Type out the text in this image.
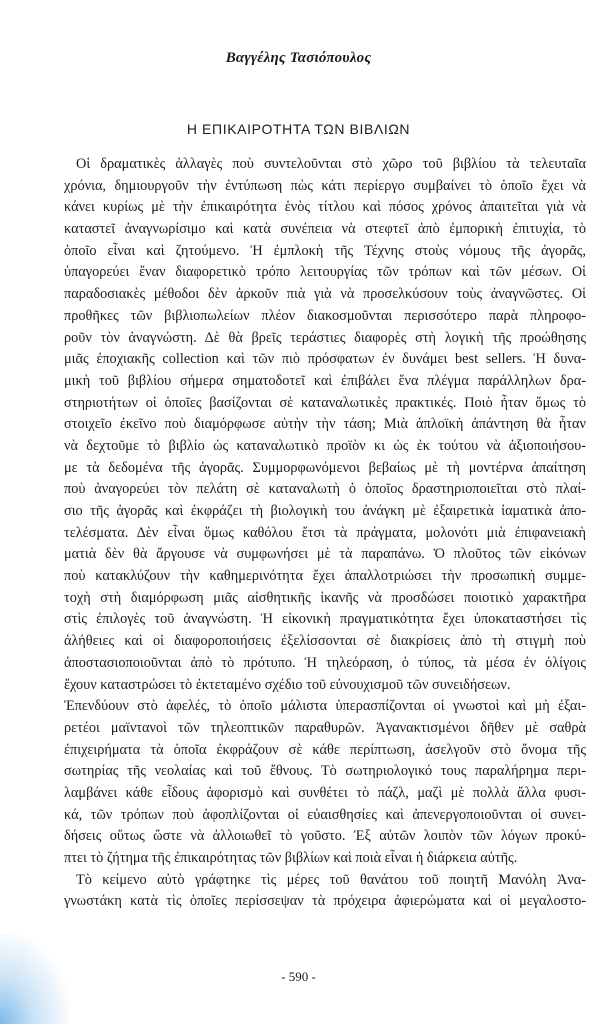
Βαγγέλης Τασιόπουλος
Η ΕΠΙΚΑΙΡΟΤΗΤΑ ΤΩΝ ΒΙΒΛΙΩΝ
Οἱ δραματικὲς ἀλλαγὲς ποὺ συντελοῦνται στὸ χῶρο τοῦ βιβλίου τὰ τελευταῖα
χρόνια, δημιουργοῦν τὴν ἐντύπωση πὼς κάτι περίεργο συμβαίνει τὸ ὁποῖο ἔχει νὰ
κάνει κυρίως μὲ τὴν ἐπικαιρότητα ἑνὸς τίτλου καὶ πόσος χρόνος ἀπαιτεῖται γιὰ νὰ
καταστεῖ ἀναγνωρίσιμο καὶ κατὰ συνέπεια νὰ στεφτεῖ ἀπὸ ἐμπορικὴ ἐπιτυχία, τὸ
ὁποῖο εἶναι καὶ ζητούμενο. Ἡ ἐμπλοκὴ τῆς Τέχνης στοὺς νόμους τῆς ἀγορᾶς,
ὑπαγορεύει ἕναν διαφορετικὸ τρόπο λειτουργίας τῶν τρόπων καὶ τῶν μέσων. Οἱ
παραδοσιακὲς μέθοδοι δὲν ἀρκοῦν πιὰ γιὰ νὰ προσελκύσουν τοὺς ἀναγνῶστες. Οἱ
προθῆκες τῶν βιβλιοπωλείων πλέον διακοσμοῦνται περισσότερο παρὰ πληροφο-
ροῦν τὸν ἀναγνώστη. Δὲ θὰ βρεῖς τεράστιες διαφορὲς στὴ λογικὴ τῆς προώθησης
μιᾶς ἐποχιακῆς collection καὶ τῶν πιὸ πρόσφατων ἐν δυνάμει best sellers. Ἡ δυνα-
μικὴ τοῦ βιβλίου σήμερα σηματοδοτεῖ καὶ ἐπιβάλει ἕνα πλέγμα παράλληλων δρα-
στηριοτήτων οἱ ὁποῖες βασίζονται σὲ καταναλωτικὲς πρακτικές. Ποιὸ ἦταν ὅμως τὸ
στοιχεῖο ἐκεῖνο ποὺ διαμόρφωσε αὐτὴν τὴν τάση; Μιὰ ἁπλοϊκὴ ἀπάντηση θὰ ἦταν
νὰ δεχτοῦμε τὸ βιβλίο ὡς καταναλωτικὸ προϊὸν κι ὡς ἐκ τούτου νὰ ἀξιοποιήσου-
με τὰ δεδομένα τῆς ἀγορᾶς. Συμμορφωνόμενοι βεβαίως μὲ τὴ μοντέρνα ἀπαίτηση
ποὺ ἀναγορεύει τὸν πελάτη σὲ καταναλωτὴ ὁ ὁποῖος δραστηριοποιεῖται στὸ πλαί-
σιο τῆς ἀγορᾶς καὶ ἐκφράζει τὴ βιολογικὴ του ἀνάγκη μὲ ἐξαιρετικὰ ἰαματικὰ ἀπο-
τελέσματα. Δὲν εἶναι ὅμως καθόλου ἔτσι τὰ πράγματα, μολονότι μιὰ ἐπιφανειακὴ
ματιὰ δὲν θὰ ἄργουσε νὰ συμφωνήσει μὲ τὰ παραπάνω. Ὁ πλοῦτος τῶν εἰκόνων
ποὺ κατακλύζουν τὴν καθημερινότητα ἔχει ἀπαλλοτριώσει τὴν προσωπικὴ συμμε-
τοχὴ στὴ διαμόρφωση μιᾶς αἰσθητικῆς ἱκανῆς νὰ προσδώσει ποιοτικὸ χαρακτῆρα
στὶς ἐπιλογὲς τοῦ ἀναγνώστη. Ἡ εἰκονικὴ πραγματικότητα ἔχει ὑποκαταστήσει τὶς
ἀλήθειες καὶ οἱ διαφοροποιήσεις ἐξελίσσονται σὲ διακρίσεις ἀπὸ τὴ στιγμὴ ποὺ
ἀποστασιοποιοῦνται ἀπὸ τὸ πρότυπο. Ἡ τηλεόραση, ὁ τύπος, τὰ μέσα ἐν ὀλίγοις
ἔχουν καταστρώσει τὸ ἐκτεταμένο σχέδιο τοῦ εὐνουχισμοῦ τῶν συνειδήσεων.
Ἐπενδύουν στὸ ἀφελές, τὸ ὁποῖο μάλιστα ὑπερασπίζονται οἱ γνωστοὶ καὶ μὴ ἐξαι-
ρετέοι μαϊντανοὶ τῶν τηλεοπτικῶν παραθυρῶν. Ἀγανακτισμένοι δῆθεν μὲ σαθρὰ
ἐπιχειρήματα τὰ ὁποῖα ἐκφράζουν σὲ κάθε περίπτωση, ἀσελγοῦν στὸ ὄνομα τῆς
σωτηρίας τῆς νεολαίας καὶ τοῦ ἔθνους. Τὸ σωτηριολογικό τους παραλήρημα περι-
λαμβάνει κάθε εἶδους ἀφορισμὸ καὶ συνθέτει τὸ πάζλ, μαζὶ μὲ πολλὰ ἄλλα φυσι-
κά, τῶν τρόπων ποὺ ἀφοπλίζονται οἱ εὐαισθησίες καὶ ἀπενεργοποιοῦνται οἱ συνει-
δήσεις οὕτως ὥστε νὰ ἀλλοιωθεῖ τὸ γοῦστο. Ἐξ αὐτῶν λοιπὸν τῶν λόγων προκύ-
πτει τὸ ζήτημα τῆς ἐπικαιρότητας τῶν βιβλίων καὶ ποιὰ εἶναι ἡ διάρκεια αὐτῆς.
Τὸ κείμενο αὐτὸ γράφτηκε τὶς μέρες τοῦ θανάτου τοῦ ποιητῆ Μανόλη Ἀνα-
γνωστάκη κατὰ τὶς ὁποῖες περίσσεψαν τὰ πρόχειρα ἀφιερώματα καὶ οἱ μεγαλοστο-
- 590 -
